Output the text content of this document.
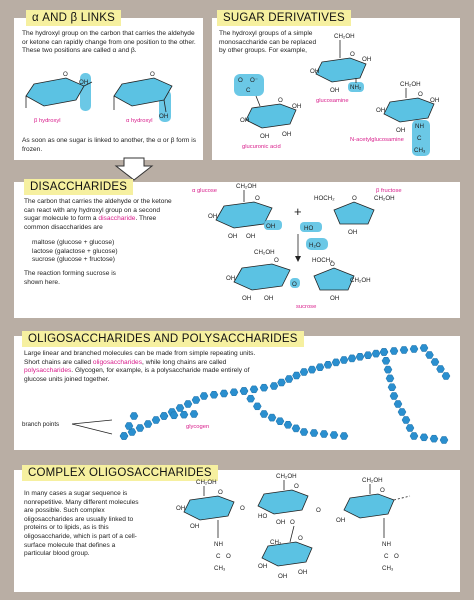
α AND β LINKS
The hydroxyl group on the carbon that carries the aldehyde or ketone can rapidly change from one position to the other. These two positions are called α and β.
O
OH
β hydroxyl
O
OH
α hydroxyl
As soon as one sugar is linked to another, the α or β form is frozen.
SUGAR DERIVATIVES
The hydroxyl groups of a simple monosaccharide can be replaced by other groups. For example,
CH₂OH
O
OH
OH
NH₂
OH
glucosamine
O O⁻
C
O
OH
OH
OH OH
glucuronic acid
CH₂OH
O
OH
OH
OH
NH
C
CH₃
N-acetylglucosamine
DISACCHARIDES
The carbon that carries the aldehyde or the ketone can react with any hydroxyl group on a second sugar molecule to form a disaccharide. Three common disaccharides are

maltose (glucose + glucose)

lactose (galactose + glucose)

sucrose (glucose + fructose)

The reaction forming sucrose is shown here.
α glucose	β fructose
CH₂OH
O
OH
OH OH
OH
+
HOCH₂	O	CH₂OH
HO
OH
H₂O
CH₂OH
O
OH
OH OH
O
O
HOCH₂
CH₂OH
OH
sucrose
OLIGOSACCHARIDES AND POLYSACCHARIDES
Large linear and branched molecules can be made from simple repeating units. Short chains are called oligosaccharides, while long chains are called polysaccharides. Glycogen, for example, is a polysaccharide made entirely of glucose units joined together.
branch points	glycogen
COMPLEX OLIGOSACCHARIDES
In many cases a sugar sequence is nonrepetitive. Many different molecules are possible. Such complex oligosaccharides are usually linked to proteins or to lipids, as is this oligosaccharide, which is part of a cell-surface molecule that defines a particular blood group.
CH₂OH
O
OH
OH
NH
C O
CH₃
O
CH₂OH
O
HO
OH O
CH₃
O
OH
OH
OH
O
CH₂OH
O
OH
NH
C O
CH₃
